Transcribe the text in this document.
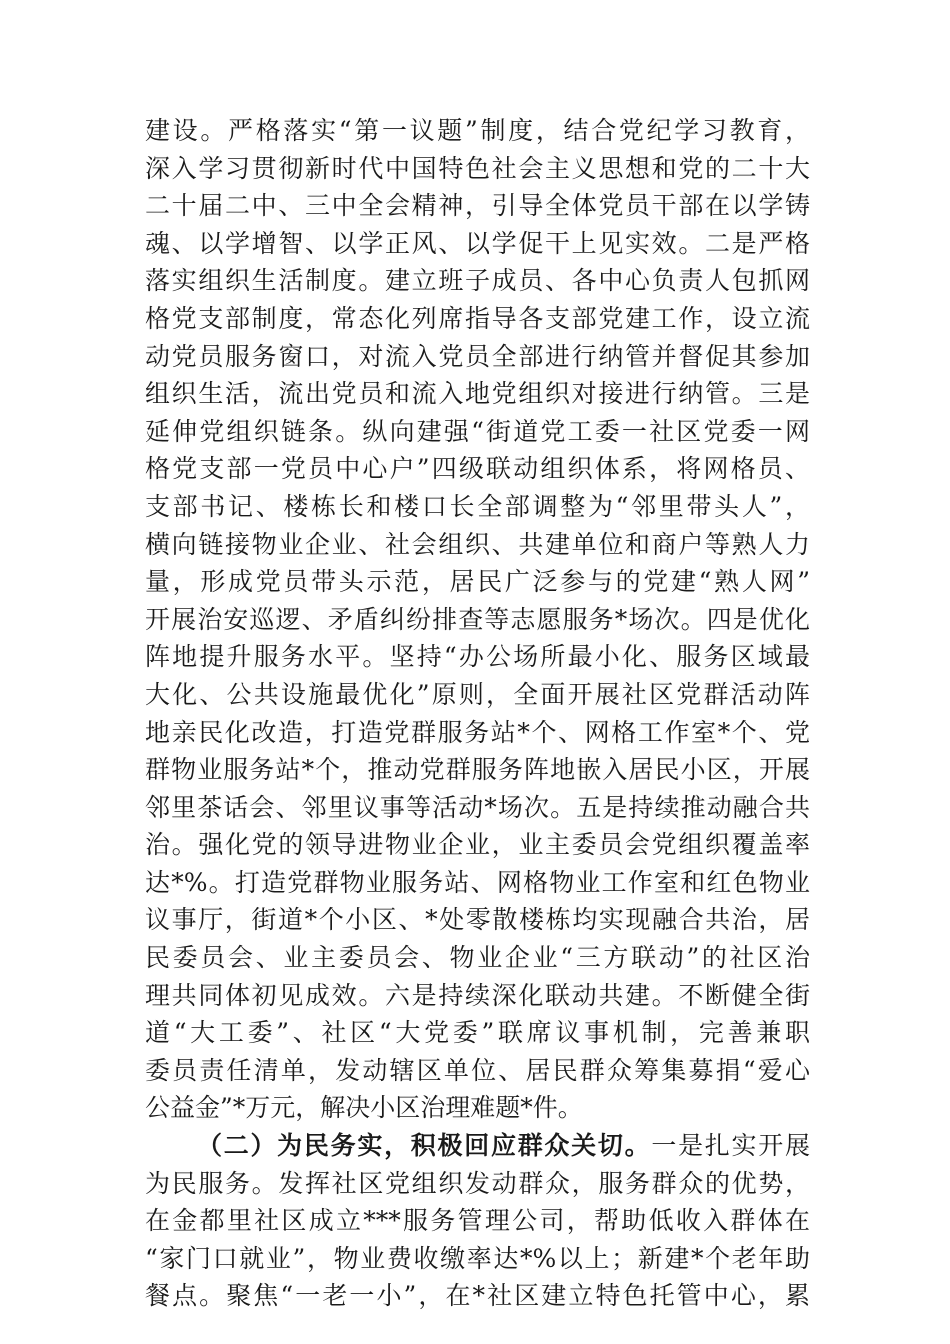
建设。严格落实“第一议题”制度，结合党纪学习教育，
深入学习贯彻新时代中国特色社会主义思想和党的二十大
二十届二中、三中全会精神，引导全体党员干部在以学铸
魂、以学增智、以学正风、以学促干上见实效。二是严格
落实组织生活制度。建立班子成员、各中心负责人包抓网
格党支部制度，常态化列席指导各支部党建工作，设立流
动党员服务窗口，对流入党员全部进行纳管并督促其参加
组织生活，流出党员和流入地党组织对接进行纳管。三是
延伸党组织链条。纵向建强“街道党工委一社区党委一网
格党支部一党员中心户”四级联动组织体系，将网格员、
支部书记、楼栋长和楼口长全部调整为“邻里带头人”，
横向链接物业企业、社会组织、共建单位和商户等熟人力
量，形成党员带头示范，居民广泛参与的党建“熟人网”
开展治安巡逻、矛盾纠纷排查等志愿服务*场次。四是优化
阵地提升服务水平。坚持“办公场所最小化、服务区域最
大化、公共设施最优化”原则，全面开展社区党群活动阵
地亲民化改造，打造党群服务站*个、网格工作室*个、党
群物业服务站*个，推动党群服务阵地嵌入居民小区，开展
邻里茶话会、邻里议事等活动*场次。五是持续推动融合共
治。强化党的领导进物业企业，业主委员会党组织覆盖率
达*%。打造党群物业服务站、网格物业工作室和红色物业
议事厅，街道*个小区、*处零散楼栋均实现融合共治，居
民委员会、业主委员会、物业企业“三方联动”的社区治
理共同体初见成效。六是持续深化联动共建。不断健全街
道“大工委”、社区“大党委”联席议事机制，完善兼职
委员责任清单，发动辖区单位、居民群众筹集募捐“爱心
公益金”*万元，解决小区治理难题*件。
（二）为民务实，积极回应群众关切。一是扎实开展
为民服务。发挥社区党组织发动群众，服务群众的优势，
在金都里社区成立***服务管理公司，帮助低收入群体在
“家门口就业”，物业费收缴率达*%以上；新建*个老年助
餐点。聚焦“一老一小”，在*社区建立特色托管中心，累
